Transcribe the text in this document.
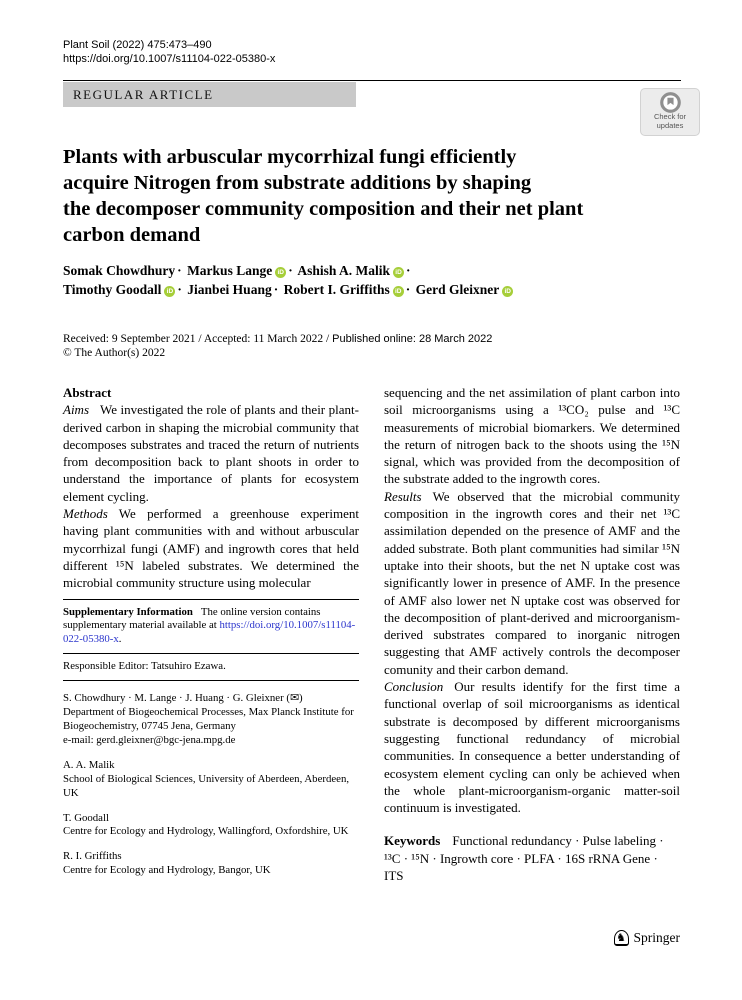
Plant Soil (2022) 475:473–490
https://doi.org/10.1007/s11104-022-05380-x
REGULAR ARTICLE
Plants with arbuscular mycorrhizal fungi efficiently
acquire Nitrogen from substrate additions by shaping
the decomposer community composition and their net plant
carbon demand
Somak Chowdhury · Markus Lange iD · Ashish A. Malik iD ·
Timothy Goodall iD · Jianbei Huang · Robert I. Griffiths iD · Gerd Gleixner iD
Received: 9 September 2021 / Accepted: 11 March 2022 / Published online: 28 March 2022
© The Author(s) 2022
Abstract

Aims We investigated the role of plants and their plant-derived carbon in shaping the microbial community that decomposes substrates and traced the return of nutrients from decomposition back to plant shoots in order to understand the importance of plants for ecosystem element cycling.

Methods We performed a greenhouse experiment having plant communities with and without arbuscular mycorrhizal fungi (AMF) and ingrowth cores that held different ¹⁵N labeled substrates. We determined the microbial community structure using molecular

Supplementary Information The online version contains supplementary material available at https://doi.org/10.1007/s11104-022-05380-x.

Responsible Editor: Tatsuhiro Ezawa.

S. Chowdhury · M. Lange · J. Huang · G. Gleixner (✉)
Department of Biogeochemical Processes, Max Planck Institute for Biogeochemistry, 07745 Jena, Germany
e-mail: gerd.gleixner@bgc-jena.mpg.de
A. A. Malik
School of Biological Sciences, University of Aberdeen, Aberdeen, UK
T. Goodall
Centre for Ecology and Hydrology, Wallingford, Oxfordshire, UK
R. I. Griffiths
Centre for Ecology and Hydrology, Bangor, UK

sequencing and the net assimilation of plant carbon into soil microorganisms using a ¹³CO₂ pulse and ¹³C measurements of microbial biomarkers. We determined the return of nitrogen back to the shoots using the ¹⁵N signal, which was provided from the decomposition of the substrate added to the ingrowth cores.

Results We observed that the microbial community composition in the ingrowth cores and their net ¹³C assimilation depended on the presence of AMF and the added substrate. Both plant communities had similar ¹⁵N uptake into their shoots, but the net N uptake cost was significantly lower in presence of AMF. In the presence of AMF also lower net N uptake cost was observed for the decomposition of plant-derived and microorganism-derived substrates compared to inorganic nitrogen suggesting that AMF actively controls the decomposer comunity and their carbon demand.

Conclusion Our results identify for the first time a functional overlap of soil microorganisms as identical substrate is decomposed by different microorganisms suggesting functional redundancy of microbial communities. In consequence a better understanding of ecosystem element cycling can only be achieved when the whole plant-microorganism-organic matter-soil continuum is investigated.

Keywords Functional redundancy · Pulse labeling · ¹³C · ¹⁵N · Ingrowth core · PLFA · 16S rRNA Gene · ITS

Check for
updates
♞ Springer
